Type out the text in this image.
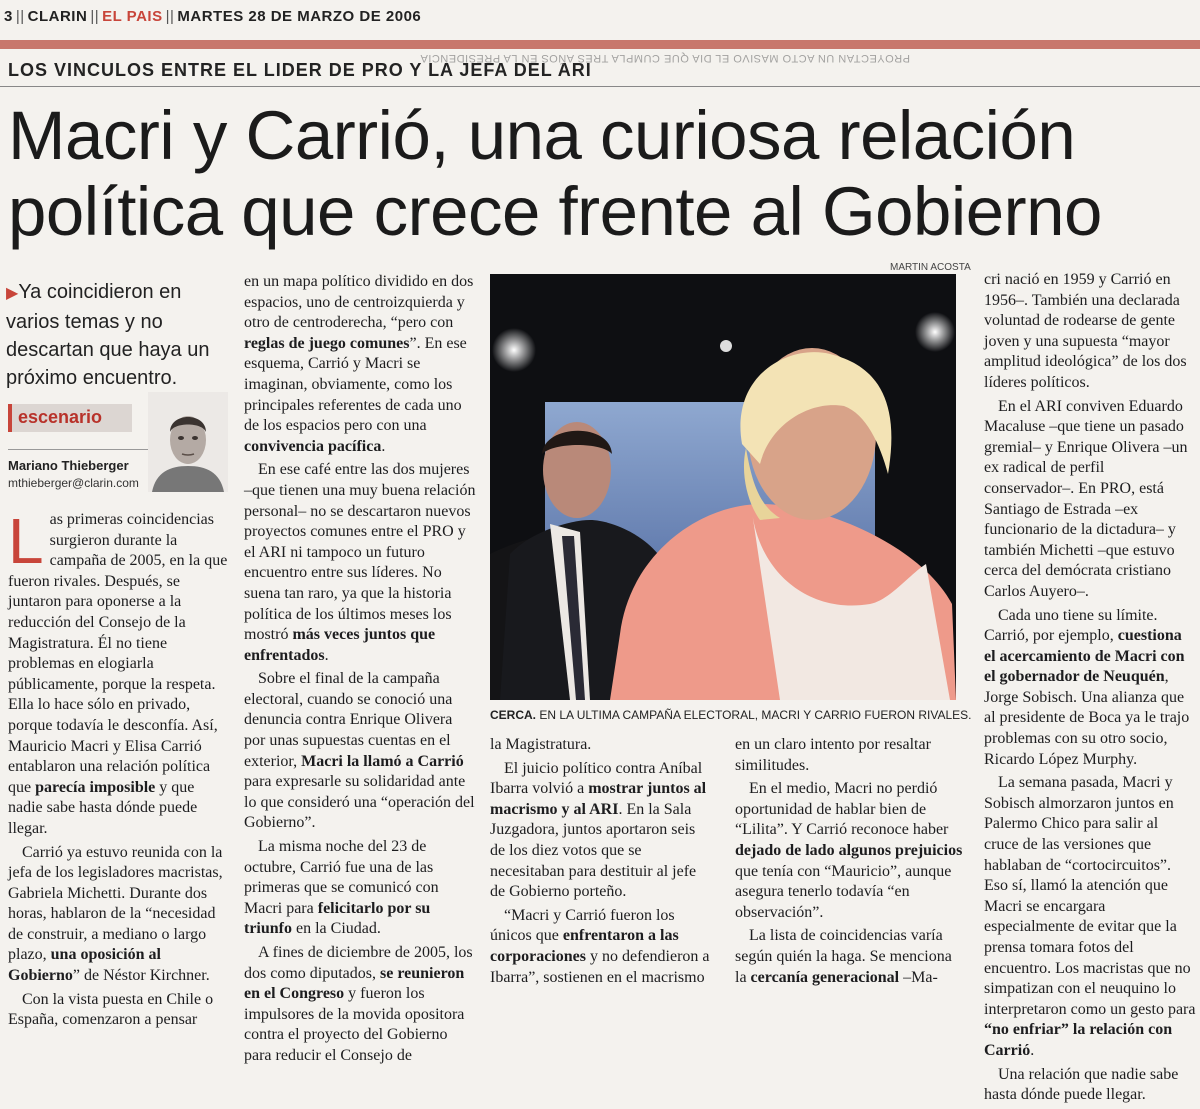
3 || CLARIN || EL PAIS || MARTES 28 DE MARZO DE 2006
LOS VINCULOS ENTRE EL LIDER DE PRO Y LA JEFA DEL ARI
PROYECTAN UN ACTO MASIVO EL DIA QUE CUMPLA TRES AÑOS EN LA PRESIDENCIA
Macri y Carrió, una curiosa relación
política que crece frente al Gobierno
▶Ya coincidieron en varios temas y no descartan que haya un próximo encuentro.
escenario
Mariano Thieberger
mthieberger@clarin.com

Las primeras coincidencias surgieron durante la campaña de 2005, en la que fueron rivales. Después, se juntaron para oponerse a la reducción del Consejo de la Magistratura. Él no tiene problemas en elogiarla públicamente, porque la respeta. Ella lo hace sólo en privado, porque todavía le desconfía. Así, Mauricio Macri y Elisa Carrió entablaron una relación política que parecía imposible y que nadie sabe hasta dónde puede llegar.

Carrió ya estuvo reunida con la jefa de los legisladores macristas, Gabriela Michetti. Durante dos horas, hablaron de la “necesidad de construir, a mediano o largo plazo, una oposición al Gobierno” de Néstor Kirchner.

Con la vista puesta en Chile o España, comenzaron a pensar

en un mapa político dividido en dos espacios, uno de centroizquierda y otro de centroderecha, “pero con reglas de juego comunes”. En ese esquema, Carrió y Macri se imaginan, obviamente, como los principales referentes de cada uno de los espacios pero con una convivencia pacífica.

En ese café entre las dos mujeres –que tienen una muy buena relación personal– no se descartaron nuevos proyectos comunes entre el PRO y el ARI ni tampoco un futuro encuentro entre sus líderes. No suena tan raro, ya que la historia política de los últimos meses los mostró más veces juntos que enfrentados.

Sobre el final de la campaña electoral, cuando se conoció una denuncia contra Enrique Olivera por unas supuestas cuentas en el exterior, Macri la llamó a Carrió para expresarle su solidaridad ante lo que consideró una “operación del Gobierno”.

La misma noche del 23 de octubre, Carrió fue una de las primeras que se comunicó con Macri para felicitarlo por su triunfo en la Ciudad.

A fines de diciembre de 2005, los dos como diputados, se reunieron en el Congreso y fueron los impulsores de la movida opositora contra el proyecto del Gobierno para reducir el Consejo de

MARTIN ACOSTA
CERCA. EN LA ULTIMA CAMPAÑA ELECTORAL, MACRI Y CARRIO FUERON RIVALES.

la Magistratura.

El juicio político contra Aníbal Ibarra volvió a mostrar juntos al macrismo y al ARI. En la Sala Juzgadora, juntos aportaron seis de los diez votos que se necesitaban para destituir al jefe de Gobierno porteño.

“Macri y Carrió fueron los únicos que enfrentaron a las corporaciones y no defendieron a Ibarra”, sostienen en el macrismo

en un claro intento por resaltar similitudes.

En el medio, Macri no perdió oportunidad de hablar bien de “Lilita”. Y Carrió reconoce haber dejado de lado algunos prejuicios que tenía con “Mauricio”, aunque asegura tenerlo todavía “en observación”.

La lista de coincidencias varía según quién la haga. Se menciona la cercanía generacional –Ma-

cri nació en 1959 y Carrió en 1956–. También una declarada voluntad de rodearse de gente joven y una supuesta “mayor amplitud ideológica” de los dos líderes políticos.

En el ARI conviven Eduardo Macaluse –que tiene un pasado gremial– y Enrique Olivera –un ex radical de perfil conservador–. En PRO, está Santiago de Estrada –ex funcionario de la dictadura– y también Michetti –que estuvo cerca del demócrata cristiano Carlos Auyero–.

Cada uno tiene su límite. Carrió, por ejemplo, cuestiona el acercamiento de Macri con el gobernador de Neuquén, Jorge Sobisch. Una alianza que al presidente de Boca ya le trajo problemas con su otro socio, Ricardo López Murphy.

La semana pasada, Macri y Sobisch almorzaron juntos en Palermo Chico para salir al cruce de las versiones que hablaban de “cortocircuitos”. Eso sí, llamó la atención que Macri se encargara especialmente de evitar que la prensa tomara fotos del encuentro. Los macristas que no simpatizan con el neuquino lo interpretaron como un gesto para “no enfriar” la relación con Carrió.

Una relación que nadie sabe hasta dónde puede llegar.
